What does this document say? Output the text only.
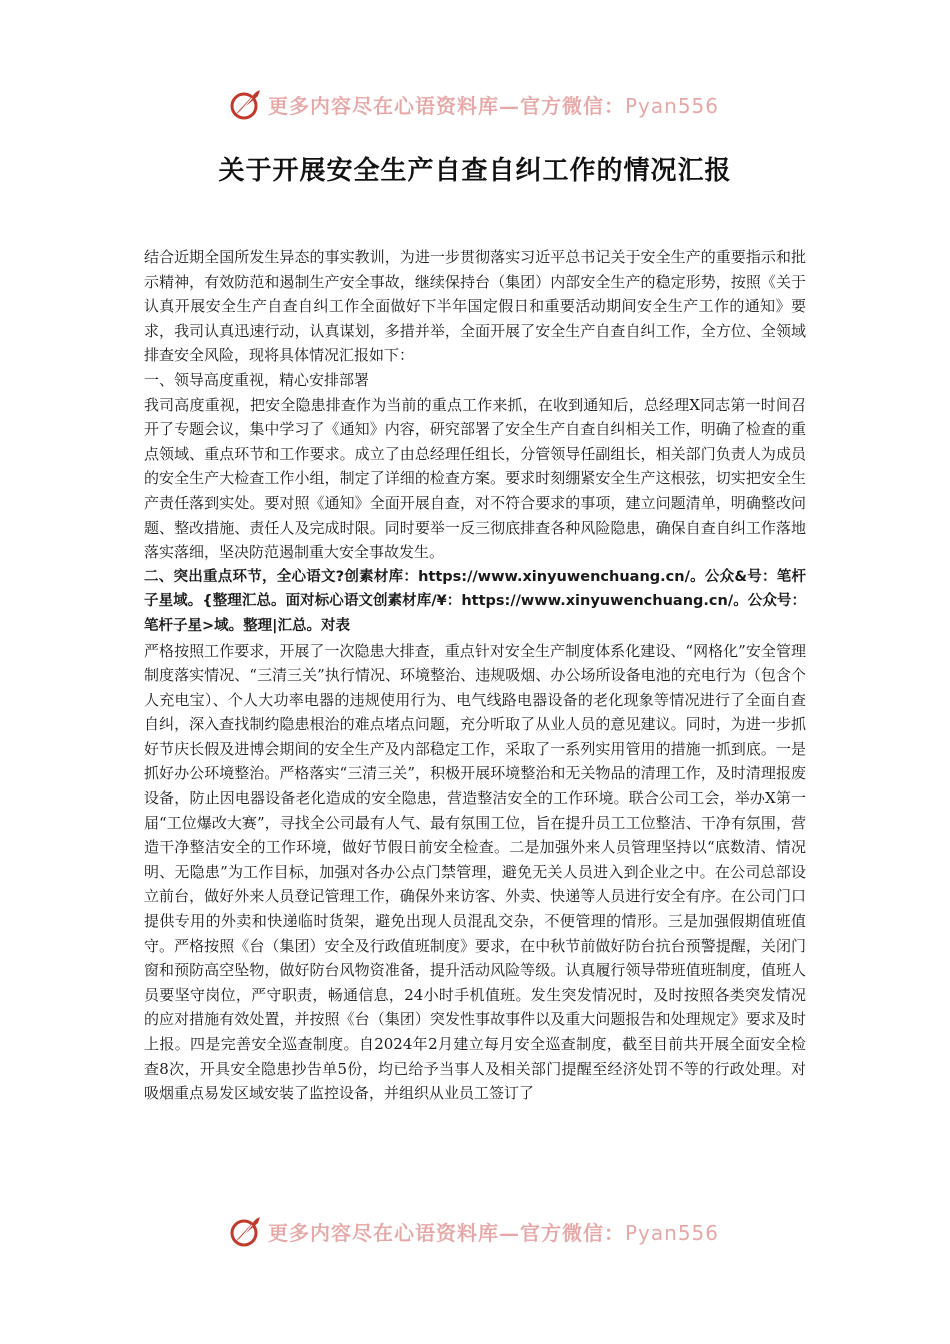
更多内容尽在心语资料库—官方微信：Pyan556
关于开展安全生产自查自纠工作的情况汇报

结合近期全国所发生异态的事实教训，为进一步贯彻落实习近平总书记关于安全生产的重要指示和批示精神，有效防范和遏制生产安全事故，继续保持台（集团）内部安全生产的稳定形势，按照《关于认真开展安全生产自查自纠工作全面做好下半年国定假日和重要活动期间安全生产工作的通知》要求，我司认真迅速行动，认真谋划，多措并举，全面开展了安全生产自查自纠工作，全方位、全领域排查安全风险，现将具体情况汇报如下：

一、领导高度重视，精心安排部署

我司高度重视，把安全隐患排查作为当前的重点工作来抓，在收到通知后，总经理X同志第一时间召开了专题会议，集中学习了《通知》内容，研究部署了安全生产自查自纠相关工作，明确了检查的重点领域、重点环节和工作要求。成立了由总经理任组长，分管领导任副组长，相关部门负责人为成员的安全生产大检查工作小组，制定了详细的检查方案。要求时刻绷紧安全生产这根弦，切实把安全生产责任落到实处。要对照《通知》全面开展自查，对不符合要求的事项，建立问题清单，明确整改问题、整改措施、责任人及完成时限。同时要举一反三彻底排查各种风险隐患，确保自查自纠工作落地落实落细，坚决防范遏制重大安全事故发生。

二、突出重点环节，全心语文?创素材库：https://www.xinyuwenchuang.cn/。公众&号：笔杆子星域。{整理汇总。面对标心语文创素材库/¥：https://www.xinyuwenchuang.cn/。公众号：笔杆子星>域。整理|汇总。对表

严格按照工作要求，开展了一次隐患大排查，重点针对安全生产制度体系化建设、“网格化”安全管理制度落实情况、“三清三关”执行情况、环境整治、违规吸烟、办公场所设备电池的充电行为（包含个人充电宝）、个人大功率电器的违规使用行为、电气线路电器设备的老化现象等情况进行了全面自查自纠，深入查找制约隐患根治的难点堵点问题，充分听取了从业人员的意见建议。同时，为进一步抓好节庆长假及进博会期间的安全生产及内部稳定工作，采取了一系列实用管用的措施一抓到底。一是抓好办公环境整治。严格落实“三清三关”，积极开展环境整治和无关物品的清理工作，及时清理报废设备，防止因电器设备老化造成的安全隐患，营造整洁安全的工作环境。联合公司工会，举办X第一届“工位爆改大赛”，寻找全公司最有人气、最有氛围工位，旨在提升员工工位整洁、干净有氛围，营造干净整洁安全的工作环境，做好节假日前安全检查。二是加强外来人员管理坚持以“底数清、情况明、无隐患”为工作目标，加强对各办公点门禁管理，避免无关人员进入到企业之中。在公司总部设立前台，做好外来人员登记管理工作，确保外来访客、外卖、快递等人员进行安全有序。在公司门口提供专用的外卖和快递临时货架，避免出现人员混乱交杂，不便管理的情形。三是加强假期值班值守。严格按照《台（集团）安全及行政值班制度》要求，在中秋节前做好防台抗台预警提醒，关闭门窗和预防高空坠物，做好防台风物资准备，提升活动风险等级。认真履行领导带班值班制度，值班人员要坚守岗位，严守职责，畅通信息，24小时手机值班。发生突发情况时，及时按照各类突发情况的应对措施有效处置，并按照《台（集团）突发性事故事件以及重大问题报告和处理规定》要求及时上报。四是完善安全巡查制度。自2024年2月建立每月安全巡查制度，截至目前共开展全面安全检查8次，开具安全隐患抄告单5份，均已给予当事人及相关部门提醒至经济处罚不等的行政处理。对吸烟重点易发区域安装了监控设备，并组织从业员工签订了

更多内容尽在心语资料库—官方微信：Pyan556
